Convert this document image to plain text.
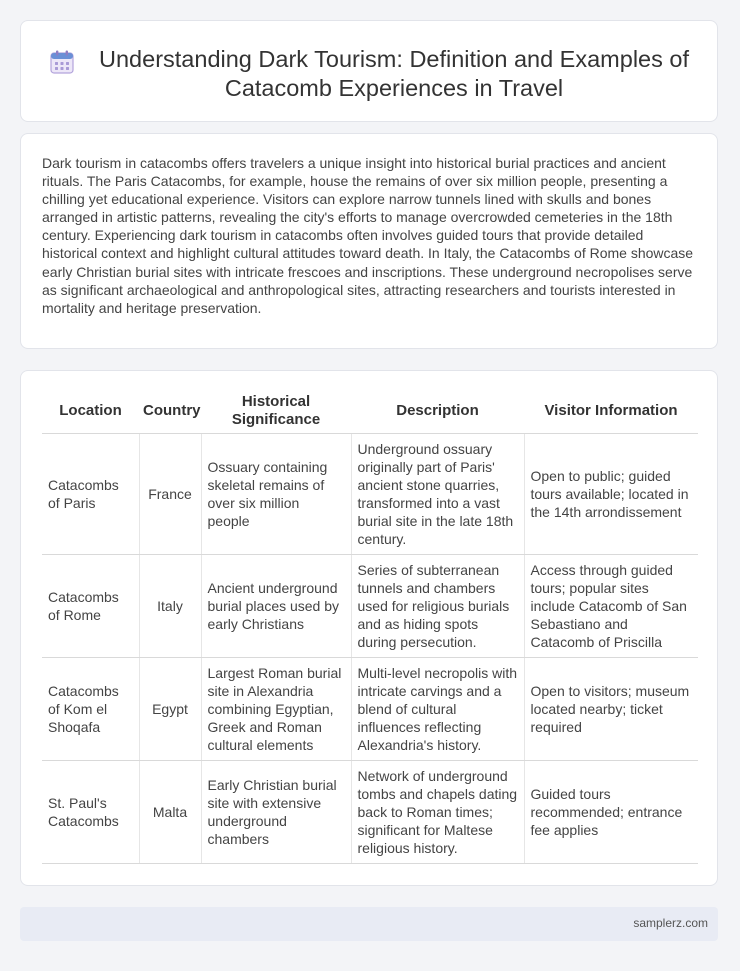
Understanding Dark Tourism: Definition and Examples of Catacomb Experiences in Travel

Dark tourism in catacombs offers travelers a unique insight into historical burial practices and ancient rituals. The Paris Catacombs, for example, house the remains of over six million people, presenting a chilling yet educational experience. Visitors can explore narrow tunnels lined with skulls and bones arranged in artistic patterns, revealing the city's efforts to manage overcrowded cemeteries in the 18th century. Experiencing dark tourism in catacombs often involves guided tours that provide detailed historical context and highlight cultural attitudes toward death. In Italy, the Catacombs of Rome showcase early Christian burial sites with intricate frescoes and inscriptions. These underground necropolises serve as significant archaeological and anthropological sites, attracting researchers and tourists interested in mortality and heritage preservation.

Location	Country	Historical Significance	Description	Visitor Information
Catacombs of Paris	France	Ossuary containing skeletal remains of over six million people	Underground ossuary originally part of Paris' ancient stone quarries, transformed into a vast burial site in the late 18th century.	Open to public; guided tours available; located in the 14th arrondissement
Catacombs of Rome	Italy	Ancient underground burial places used by early Christians	Series of subterranean tunnels and chambers used for religious burials and as hiding spots during persecution.	Access through guided tours; popular sites include Catacomb of San Sebastiano and Catacomb of Priscilla
Catacombs of Kom el Shoqafa	Egypt	Largest Roman burial site in Alexandria combining Egyptian, Greek and Roman cultural elements	Multi-level necropolis with intricate carvings and a blend of cultural influences reflecting Alexandria's history.	Open to visitors; museum located nearby; ticket required
St. Paul's Catacombs	Malta	Early Christian burial site with extensive underground chambers	Network of underground tombs and chapels dating back to Roman times; significant for Maltese religious history.	Guided tours recommended; entrance fee applies
samplerz.com
